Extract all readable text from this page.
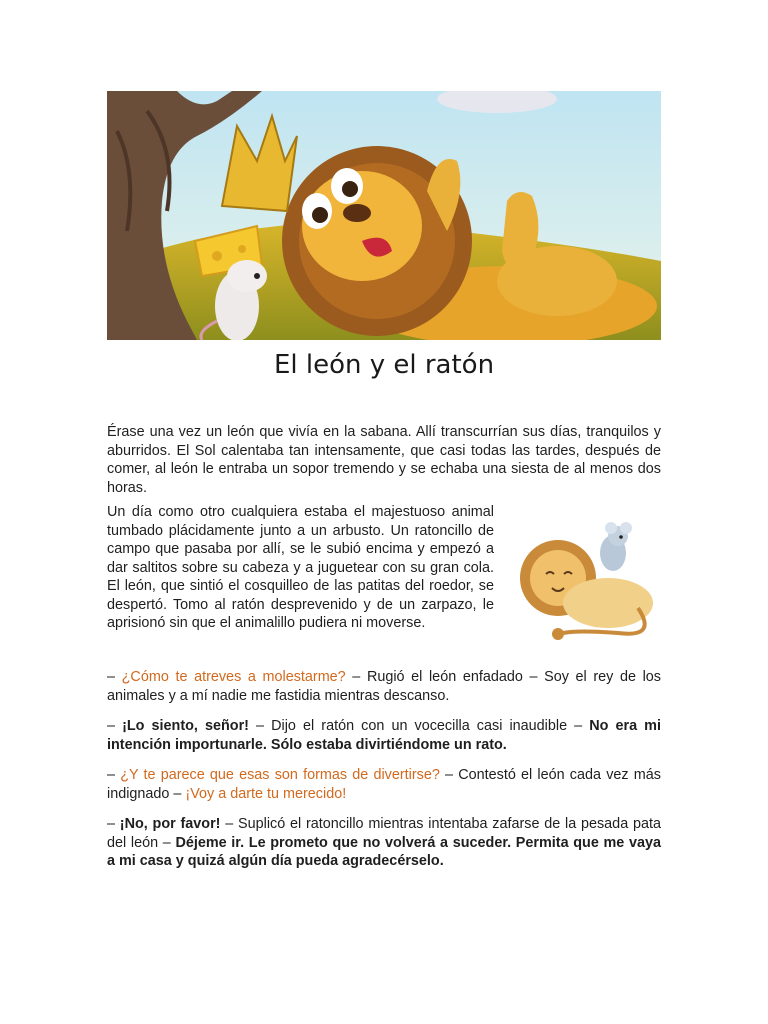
El león y el ratón
Érase una vez un león que vivía en la sabana. Allí transcurrían sus días, tranquilos y aburridos. El Sol calentaba tan intensamente, que casi todas las tardes, después de comer, al león le entraba un sopor tremendo y se echaba una siesta de al menos dos horas.
Un día como otro cualquiera estaba el majestuoso animal tumbado plácidamente junto a un arbusto. Un ratoncillo de campo que pasaba por allí, se le subió encima y empezó a dar saltitos sobre su cabeza y a juguetear con su gran cola. El león, que sintió el cosquilleo de las patitas del roedor, se despertó. Tomo al ratón desprevenido y de un zarpazo, le aprisionó sin que el animalillo pudiera ni moverse.
– ¿Cómo te atreves a molestarme? – Rugió el león enfadado – Soy el rey de los animales y a mí nadie me fastidia mientras descanso.
– ¡Lo siento, señor! – Dijo el ratón con un vocecilla casi inaudible – No era mi intención importunarle. Sólo estaba divirtiéndome un rato.
– ¿Y te parece que esas son formas de divertirse? – Contestó el león cada vez más indignado – ¡Voy a darte tu merecido!
– ¡No, por favor! – Suplicó el ratoncillo mientras intentaba zafarse de la pesada pata del león – Déjeme ir. Le prometo que no volverá a suceder. Permita que me vaya a mi casa y quizá algún día pueda agradecérselo.
